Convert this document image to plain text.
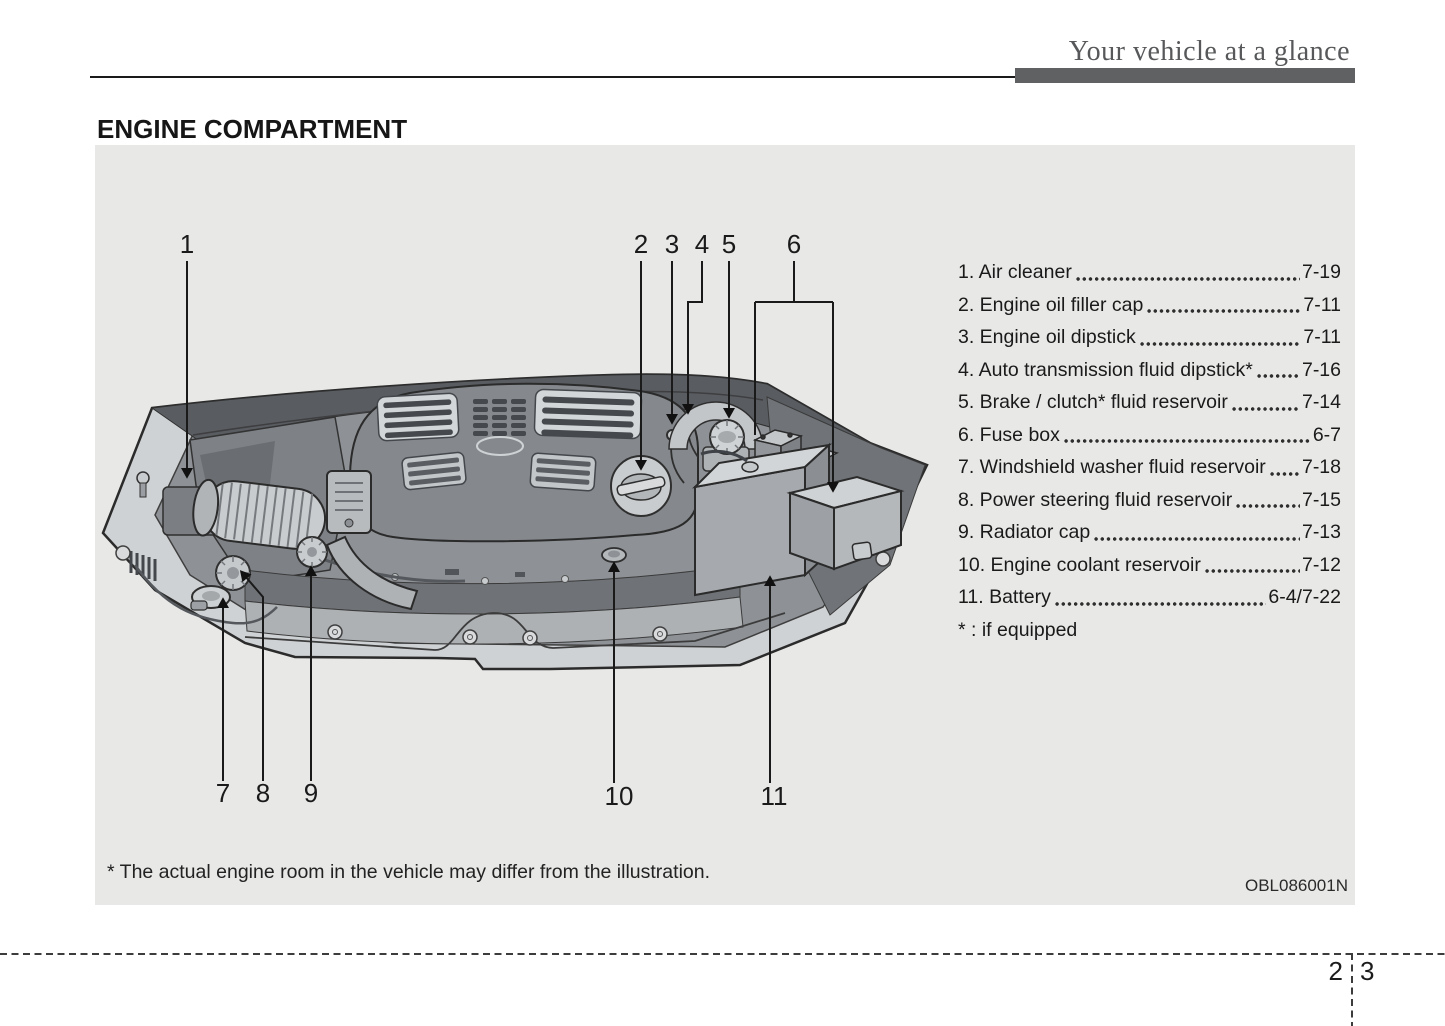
Your vehicle at a glance
ENGINE COMPARTMENT
1	2 3 4 5 6
7 8 9	10	11
1. Air cleaner	7-19
2. Engine oil filler cap	7-11
3. Engine oil dipstick	7-11
4. Auto transmission fluid dipstick*	7-16
5. Brake / clutch* fluid reservoir	7-14
6. Fuse box	6-7
7. Windshield washer fluid reservoir 7-18
8. Power steering fluid reservoir	7-15
9. Radiator cap	7-13
10. Engine coolant reservoir	7-12
11. Battery	6-4/7-22
* : if equipped
* The actual engine room in the vehicle may differ from the illustration.
OBL086001N
2 3
